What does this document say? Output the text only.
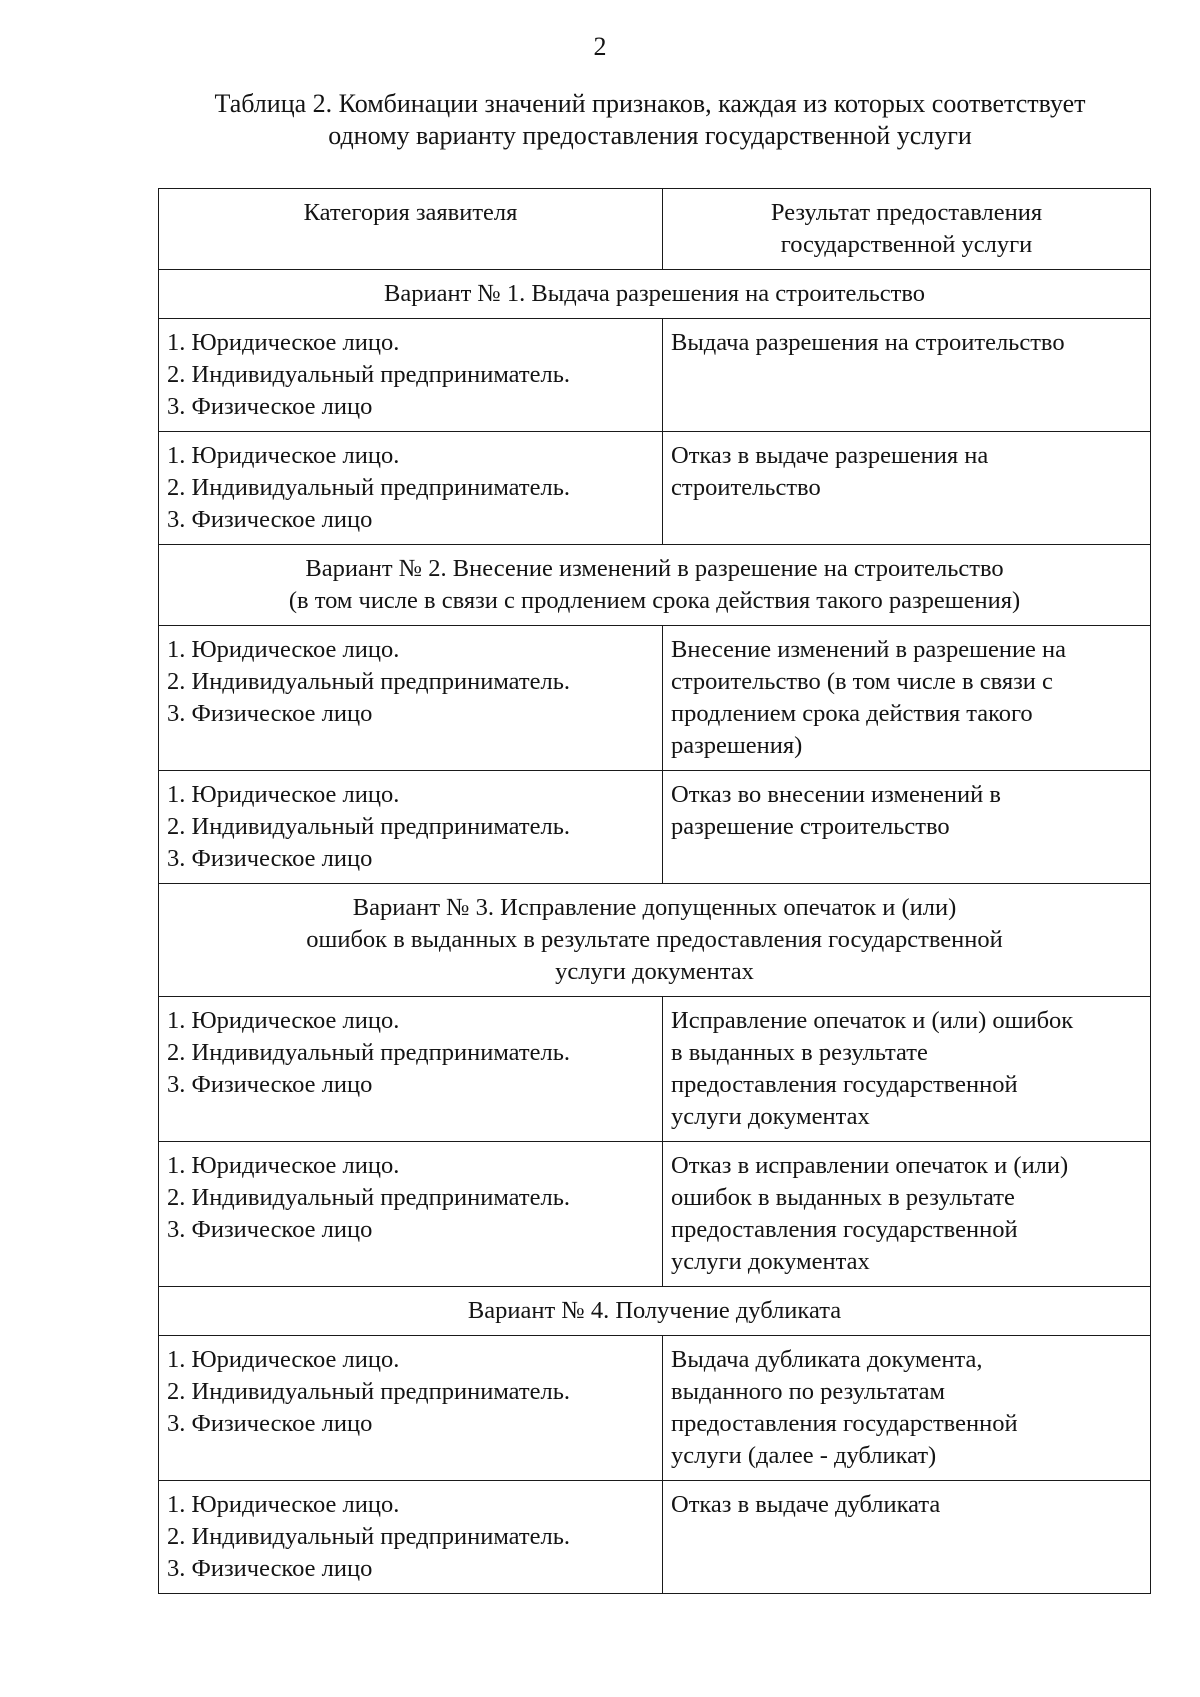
2
Таблица 2. Комбинации значений признаков, каждая из которых соответствует
одному варианту предоставления государственной услуги
Категория заявителя	Результат предоставления
государственной услуги

Вариант № 1. Выдача разрешения на строительство	

1. Юридическое лицо.
2. Индивидуальный предприниматель.
3. Физическое лицо	Выдача разрешения на строительство

1. Юридическое лицо.
2. Индивидуальный предприниматель.
3. Физическое лицо	Отказ в выдаче разрешения на
строительство

Вариант № 2. Внесение изменений в разрешение на строительство
(в том числе в связи с продлением срока действия такого разрешения)	

1. Юридическое лицо.
2. Индивидуальный предприниматель.
3. Физическое лицо	Внесение изменений в разрешение на
строительство (в том числе в связи с
продлением срока действия такого
разрешения)

1. Юридическое лицо.
2. Индивидуальный предприниматель.
3. Физическое лицо	Отказ во внесении изменений в
разрешение строительство

Вариант № 3. Исправление допущенных опечаток и (или)
ошибок в выданных в результате предоставления государственной
услуги документах	

1. Юридическое лицо.
2. Индивидуальный предприниматель.
3. Физическое лицо	Исправление опечаток и (или) ошибок
в выданных в результате
предоставления государственной
услуги документах

1. Юридическое лицо.
2. Индивидуальный предприниматель.
3. Физическое лицо	Отказ в исправлении опечаток и (или)
ошибок в выданных в результате
предоставления государственной
услуги документах

Вариант № 4. Получение дубликата	

1. Юридическое лицо.
2. Индивидуальный предприниматель.
3. Физическое лицо	Выдача дубликата документа,
выданного по результатам
предоставления государственной
услуги (далее - дубликат)

1. Юридическое лицо.
2. Индивидуальный предприниматель.
3. Физическое лицо	Отказ в выдаче дубликата
